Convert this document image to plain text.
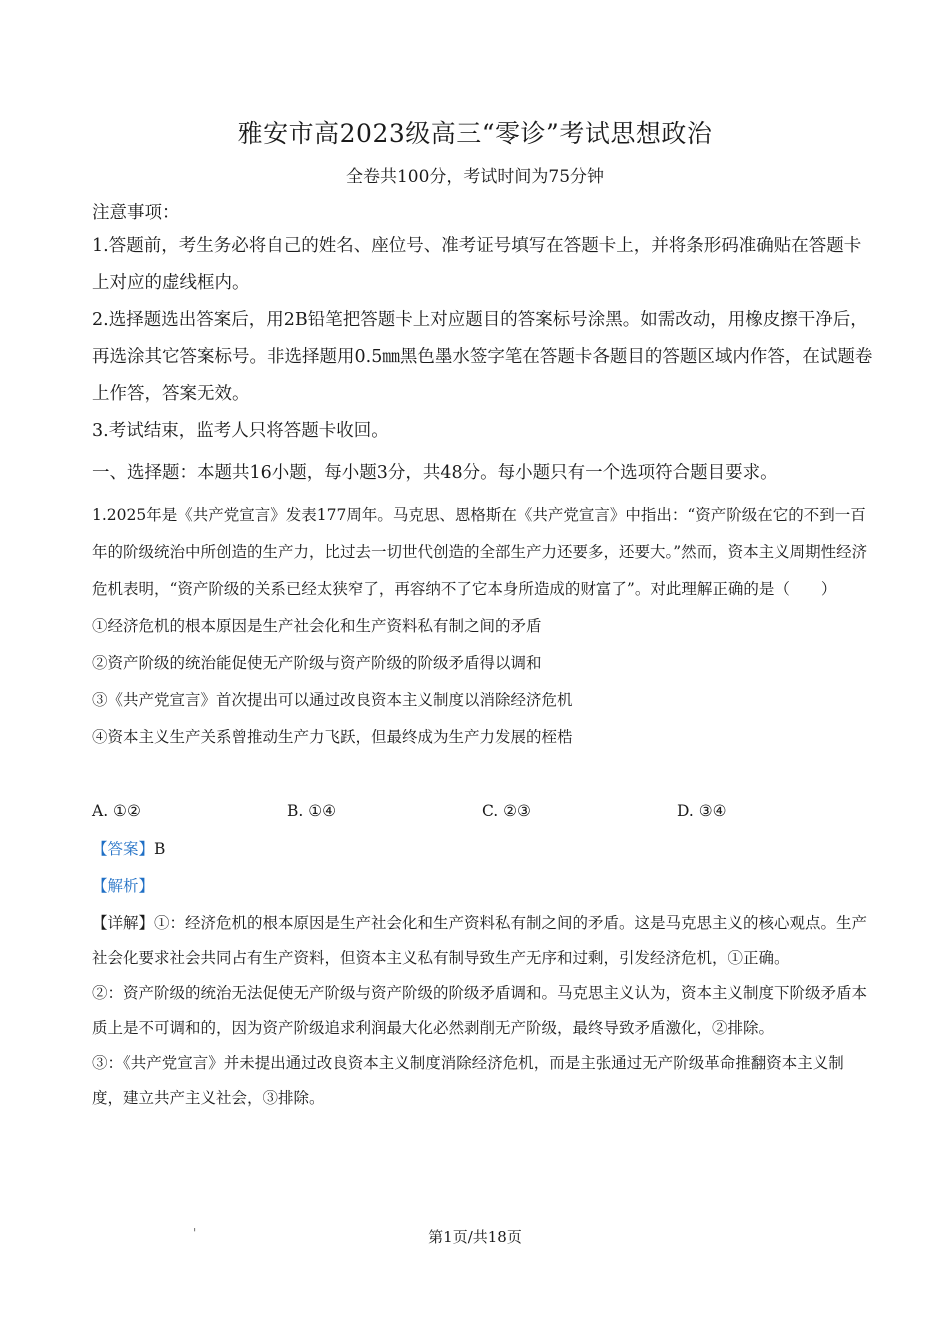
雅安市高2023级高三“零诊”考试思想政治
全卷共100分，考试时间为75分钟

注意事项：

1.答题前，考生务必将自己的姓名、座位号、准考证号填写在答题卡上，并将条形码准确贴在答题卡上对应的虚线框内。

2.选择题选出答案后，用2B铅笔把答题卡上对应题目的答案标号涂黑。如需改动，用橡皮擦干净后，再选涂其它答案标号。非选择题用0.5㎜黑色墨水签字笔在答题卡各题目的答题区域内作答，在试题卷上作答，答案无效。

3.考试结束，监考人只将答题卡收回。

一、选择题：本题共16小题，每小题3分，共48分。每小题只有一个选项符合题目要求。

1.2025年是《共产党宣言》发表177周年。马克思、恩格斯在《共产党宣言》中指出：“资产阶级在它的不到一百年的阶级统治中所创造的生产力，比过去一切世代创造的全部生产力还要多，还要大。”然而，资本主义周期性经济危机表明，“资产阶级的关系已经太狭窄了，再容纳不了它本身所造成的财富了”。对此理解正确的是（　　）

①经济危机的根本原因是生产社会化和生产资料私有制之间的矛盾

②资产阶级的统治能促使无产阶级与资产阶级的阶级矛盾得以调和

③《共产党宣言》首次提出可以通过改良资本主义制度以消除经济危机

④资本主义生产关系曾推动生产力飞跃，但最终成为生产力发展的桎梏

A. ①②	B. ①④	C. ②③	D. ③④
【答案】B
【解析】

【详解】①：经济危机的根本原因是生产社会化和生产资料私有制之间的矛盾。这是马克思主义的核心观点。生产社会化要求社会共同占有生产资料，但资本主义私有制导致生产无序和过剩，引发经济危机，①正确。

②：资产阶级的统治无法促使无产阶级与资产阶级的阶级矛盾调和。马克思主义认为，资本主义制度下阶级矛盾本质上是不可调和的，因为资产阶级追求利润最大化必然剥削无产阶级，最终导致矛盾激化，②排除。

③：《共产党宣言》并未提出通过改良资本主义制度消除经济危机，而是主张通过无产阶级革命推翻资本主义制度，建立共产主义社会，③排除。

'	第1页/共18页
